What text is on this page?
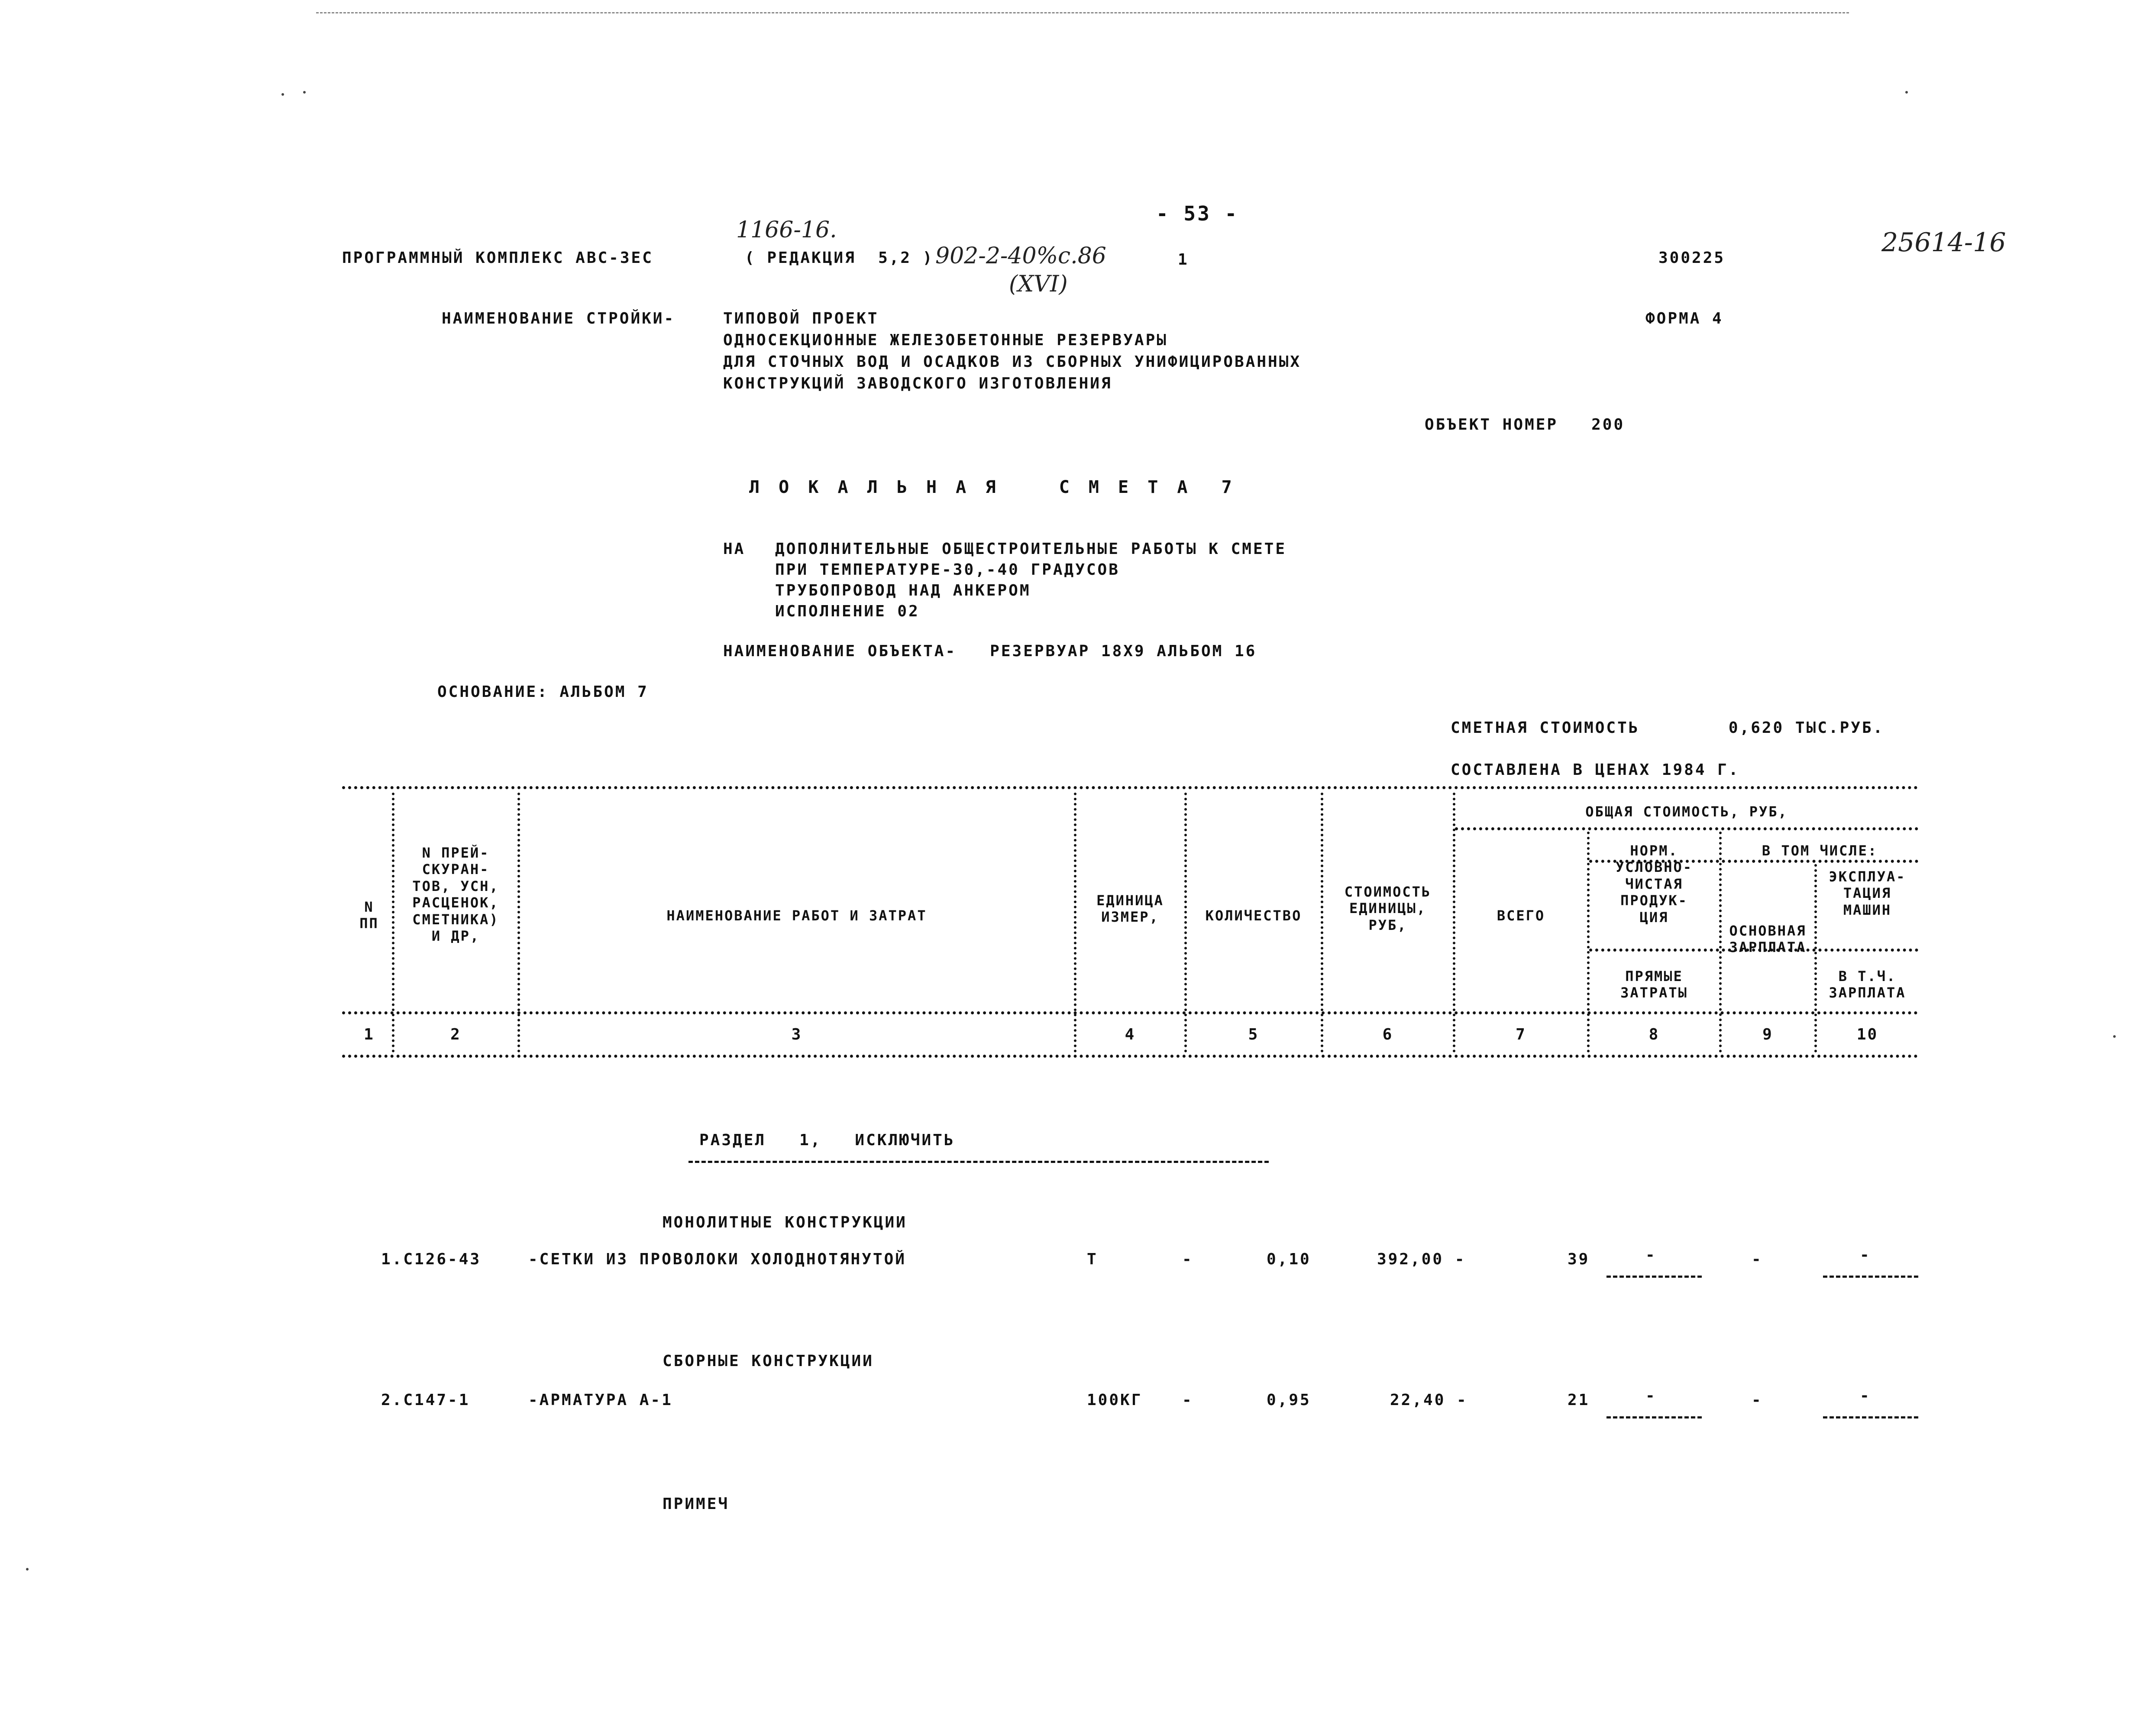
- 53 -
1166-16.
902-2-40%с.86
(XVI)
25614-16
ПРОГРАММНЫЙ КОМПЛЕКС АВС-ЗЕС	( РЕДАКЦИЯ  5,2 )	1	300225
НАИМЕНОВАНИЕ СТРОЙКИ-	ТИПОВОЙ ПРОЕКТ
ОДНОСЕКЦИОННЫЕ ЖЕЛЕЗОБЕТОННЫЕ РЕЗЕРВУАРЫ
ДЛЯ СТОЧНЫХ ВОД И ОСАДКОВ ИЗ СБОРНЫХ УНИФИЦИРОВАННЫХ
КОНСТРУКЦИЙ ЗАВОДСКОГО ИЗГОТОВЛЕНИЯ
ФОРМА 4
ОБЪЕКТ НОМЕР   200
Л О К А Л Ь Н А Я    С М Е Т А  7
НА ДОПОЛНИТЕЛЬНЫЕ ОБЩЕСТРОИТЕЛЬНЫЕ РАБОТЫ К СМЕТЕ
ПРИ ТЕМПЕРАТУРЕ-30,-40 ГРАДУСОВ
ТРУБОПРОВОД НАД АНКЕРОМ
ИСПОЛНЕНИЕ 02
НАИМЕНОВАНИЕ ОБЪЕКТА-   РЕЗЕРВУАР 18Х9 АЛЬБОМ 16
ОСНОВАНИЕ: АЛЬБОМ 7
СМЕТНАЯ СТОИМОСТЬ        0,620 ТЫС.РУБ.
СОСТАВЛЕНА В ЦЕНАХ 1984 Г.
N
ПП
N ПРЕЙ-
СКУРАН-
ТОВ, УСН,
РАСЦЕНОК,
СМЕТНИКА)
И ДР,
НАИМЕНОВАНИЕ РАБОТ И ЗАТРАТ
ЕДИНИЦА
ИЗМЕР,	КОЛИЧЕСТВО
СТОИМОСТЬ
ЕДИНИЦЫ,
РУБ,
ОБЩАЯ СТОИМОСТЬ, РУБ,
ВСЕГО
НОРМ.
УСЛОВНО-
ЧИСТАЯ
ПРОДУК-
ЦИЯ
В ТОМ ЧИСЛЕ:
ОСНОВНАЯ
ЗАРПЛАТА
ЭКСПЛУА-
ТАЦИЯ
МАШИН
ПРЯМЫЕ
ЗАТРАТЫ
В Т.Ч.
ЗАРПЛАТА
1	2	3	4	5	6	7	8	9	10
РАЗДЕЛ   1,   ИСКЛЮЧИТЬ
МОНОЛИТНЫЕ КОНСТРУКЦИИ
1.С126-43	-СЕТКИ ИЗ ПРОВОЛОКИ ХОЛОДНОТЯНУТОЙ	Т	-	0,10	392,00 -	39	-	-	-
СБОРНЫЕ КОНСТРУКЦИИ
2.С147-1	-АРМАТУРА А-1	100КГ	-	0,95	22,40 -	21	-	-	-
ПРИМЕЧ
